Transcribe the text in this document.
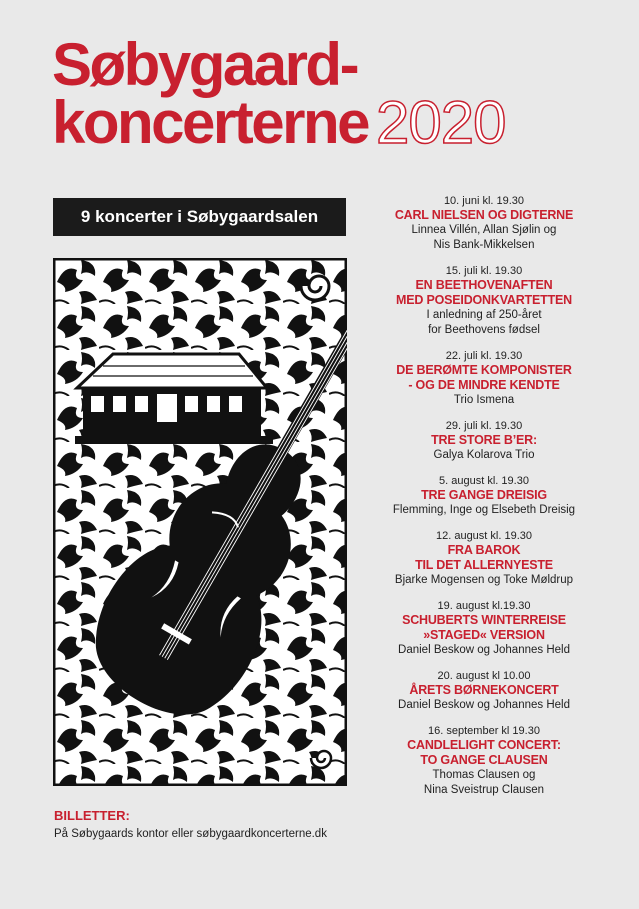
Søbygaard-
koncerterne 2020
9 koncerter i Søbygaardsalen
BILLETTER:
På Søbygaards kontor eller søbygaardkoncerterne.dk
10. juni kl. 19.30
CARL NIELSEN OG DIGTERNE
Linnea Villén, Allan Sjølin og
Nis Bank-Mikkelsen
15. juli kl. 19.30
EN BEETHOVENAFTEN
MED POSEIDONKVARTETTEN
I anledning af 250-året
for Beethovens fødsel
22. juli kl. 19.30
DE BERØMTE KOMPONISTER
- OG DE MINDRE KENDTE
Trio Ismena
29. juli kl. 19.30
TRE STORE B’ER:
Galya Kolarova Trio
5. august kl. 19.30
TRE GANGE DREISIG
Flemming, Inge og Elsebeth Dreisig
12. august kl. 19.30
FRA BAROK
TIL DET ALLERNYESTE
Bjarke Mogensen og Toke Møldrup
19. august kl.19.30
SCHUBERTS WINTERREISE
»STAGED« VERSION
Daniel Beskow og Johannes Held
20. august kl 10.00
ÅRETS BØRNEKONCERT
Daniel Beskow og Johannes Held
16. september kl 19.30
CANDLELIGHT CONCERT:
TO GANGE CLAUSEN
Thomas Clausen og
Nina Sveistrup Clausen
